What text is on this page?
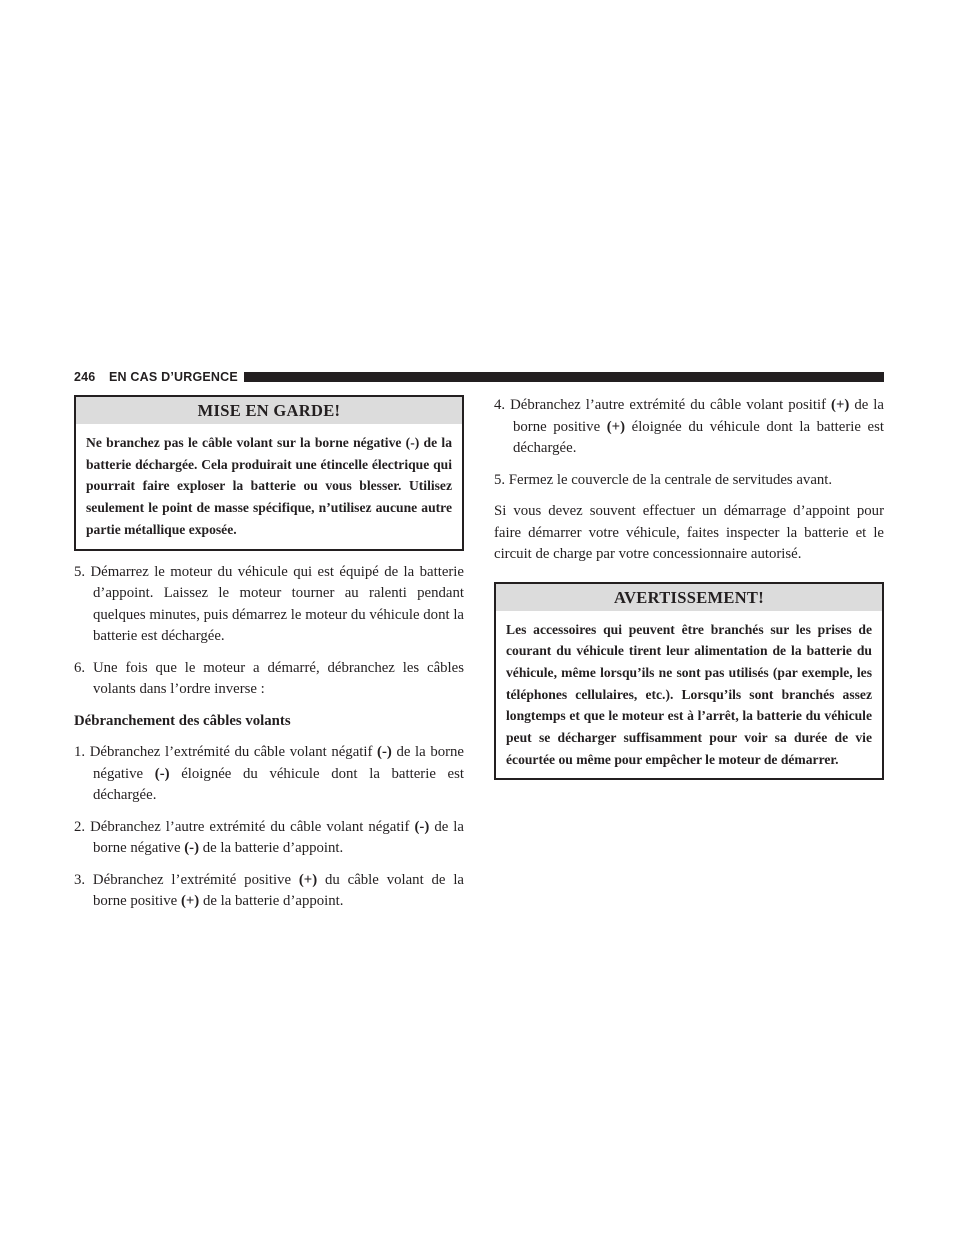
246 EN CAS D’URGENCE
MISE EN GARDE!
Ne branchez pas le câble volant sur la borne négative (-) de la batterie déchargée. Cela produirait une étincelle électrique qui pourrait faire exploser la batterie ou vous blesser. Utilisez seulement le point de masse spécifique, n’utilisez aucune autre partie métallique exposée.

5. Démarrez le moteur du véhicule qui est équipé de la batterie d’appoint. Laissez le moteur tourner au ralenti pendant quelques minutes, puis démarrez le moteur du véhicule dont la batterie est déchargée.

6. Une fois que le moteur a démarré, débranchez les câbles volants dans l’ordre inverse :

Débranchement des câbles volants

1. Débranchez l’extrémité du câble volant négatif (-) de la borne négative (-) éloignée du véhicule dont la batterie est déchargée.

2. Débranchez l’autre extrémité du câble volant négatif (-) de la borne négative (-) de la batterie d’appoint.

3. Débranchez l’extrémité positive (+) du câble volant de la borne positive (+) de la batterie d’appoint.

4. Débranchez l’autre extrémité du câble volant positif (+) de la borne positive (+) éloignée du véhicule dont la batterie est déchargée.

5. Fermez le couvercle de la centrale de servitudes avant.

Si vous devez souvent effectuer un démarrage d’appoint pour faire démarrer votre véhicule, faites inspecter la batterie et le circuit de charge par votre concessionnaire autorisé.

AVERTISSEMENT!
Les accessoires qui peuvent être branchés sur les prises de courant du véhicule tirent leur alimentation de la batterie du véhicule, même lorsqu’ils ne sont pas utilisés (par exemple, les téléphones cellulaires, etc.). Lorsqu’ils sont branchés assez longtemps et que le moteur est à l’arrêt, la batterie du véhicule peut se décharger suffisamment pour voir sa durée de vie écourtée ou même pour empêcher le moteur de démarrer.
